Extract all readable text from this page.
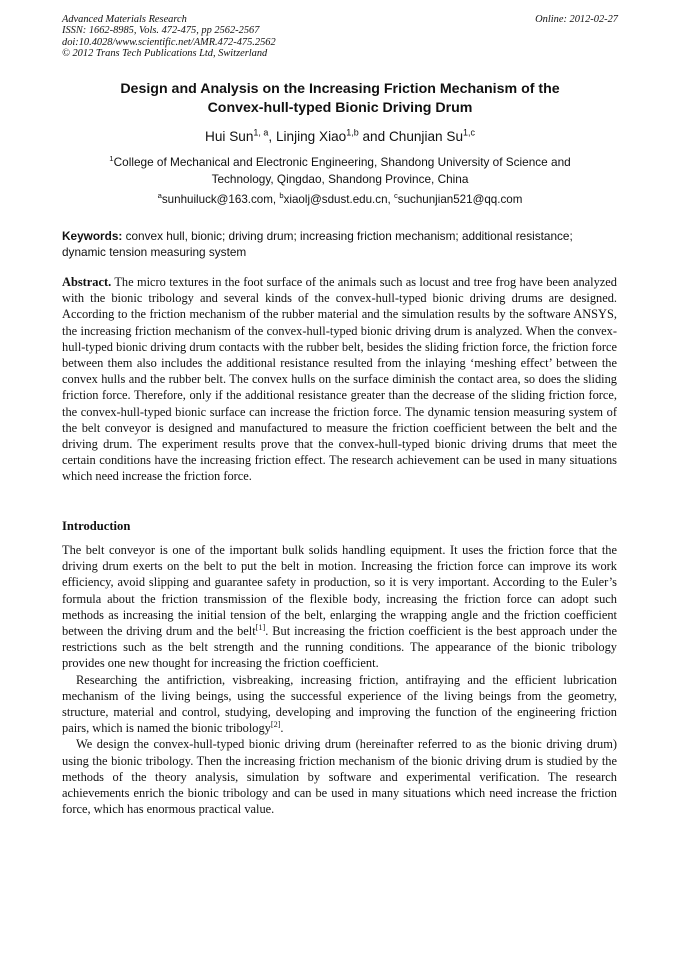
Advanced Materials Research
ISSN: 1662-8985, Vols. 472-475, pp 2562-2567
doi:10.4028/www.scientific.net/AMR.472-475.2562
© 2012 Trans Tech Publications Ltd, Switzerland
Online: 2012-02-27
Design and Analysis on the Increasing Friction Mechanism of the
Convex-hull-typed Bionic Driving Drum
Hui Sun$^{1, a}$, Linjing Xiao$^{1,b}$ and Chunjian Su$^{1,c}$
$^1$College of Mechanical and Electronic Engineering, Shandong University of Science and
Technology, Qingdao, Shandong Province, China
$^a$sunhuiluck@163.com, $^b$xiaolj@sdust.edu.cn, $^c$suchunjian521@qq.com
Keywords: convex hull, bionic; driving drum; increasing friction mechanism; additional resistance; dynamic tension measuring system
Abstract. The micro textures in the foot surface of the animals such as locust and tree frog have been analyzed with the bionic tribology and several kinds of the convex-hull-typed bionic driving drums are designed. According to the friction mechanism of the rubber material and the simulation results by the software ANSYS, the increasing friction mechanism of the convex-hull-typed bionic driving drum is analyzed. When the convex-hull-typed bionic driving drum contacts with the rubber belt, besides the sliding friction force, the friction force between them also includes the additional resistance resulted from the inlaying ‘meshing effect’ between the convex hulls and the rubber belt. The convex hulls on the surface diminish the contact area, so does the sliding friction force. Therefore, only if the additional resistance greater than the decrease of the sliding friction force, the convex-hull-typed bionic surface can increase the friction force. The dynamic tension measuring system of the belt conveyor is designed and manufactured to measure the friction coefficient between the belt and the driving drum. The experiment results prove that the convex-hull-typed bionic driving drums that meet the certain conditions have the increasing friction effect. The research achievement can be used in many situations which need increase the friction force.
Introduction

The belt conveyor is one of the important bulk solids handling equipment. It uses the friction force that the driving drum exerts on the belt to put the belt in motion. Increasing the friction force can improve its work efficiency, avoid slipping and guarantee safety in production, so it is very important. According to the Euler’s formula about the friction transmission of the flexible body, increasing the friction force can adopt such methods as increasing the initial tension of the belt, enlarging the wrapping angle and the friction coefficient between the driving drum and the belt[1]. But increasing the friction coefficient is the best approach under the restrictions such as the belt strength and the running conditions. The appearance of the bionic tribology provides one new thought for increasing the friction coefficient.

Researching the antifriction, visbreaking, increasing friction, antifraying and the efficient lubrication mechanism of the living beings, using the successful experience of the living beings from the geometry, structure, material and control, studying, developing and improving the function of the engineering friction pairs, which is named the bionic tribology[2].

We design the convex-hull-typed bionic driving drum (hereinafter referred to as the bionic driving drum) using the bionic tribology. Then the increasing friction mechanism of the bionic driving drum is studied by the methods of the theory analysis, simulation by software and experimental verification. The research achievements enrich the bionic tribology and can be used in many situations which need increase the friction force, which has enormous practical value.
